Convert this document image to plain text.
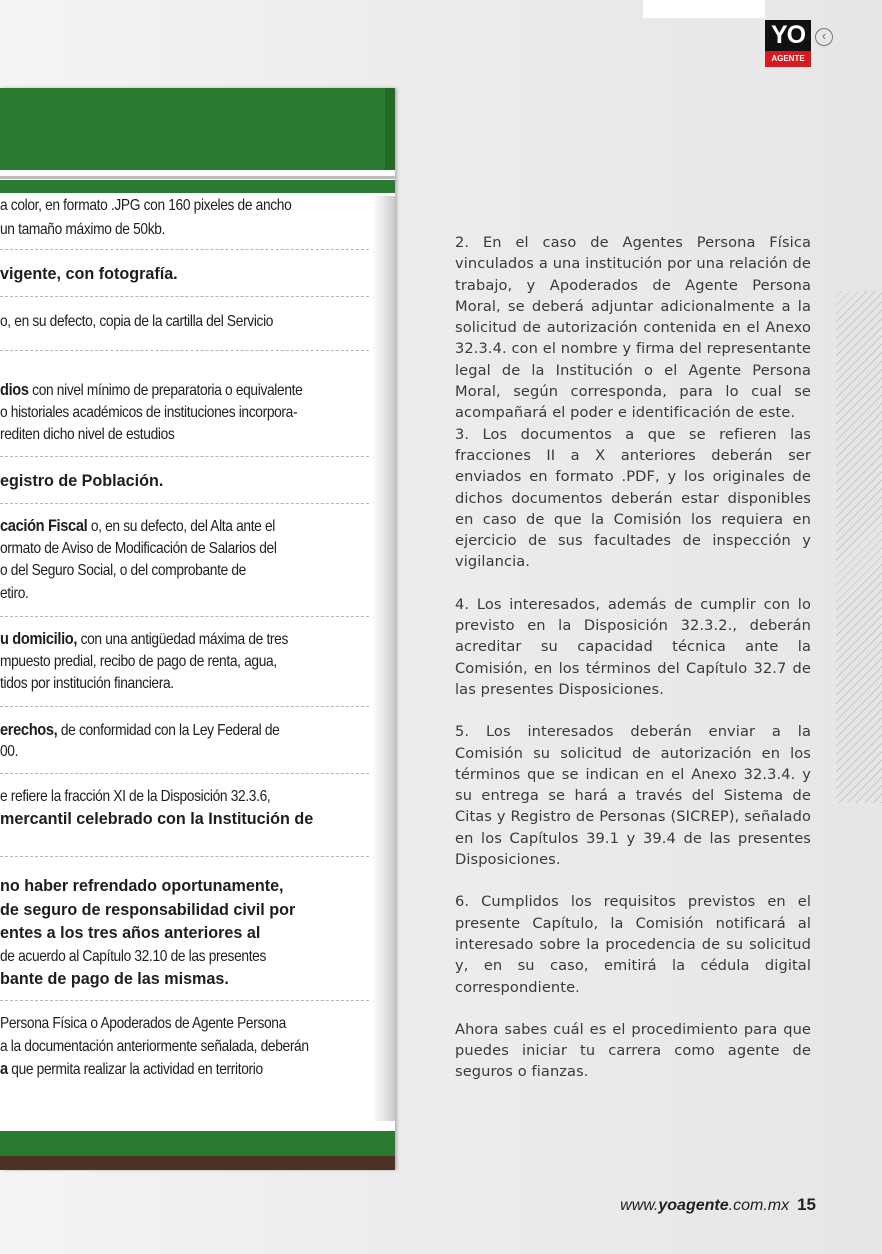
YO
AGENTE
‹
a color, en formato .JPG con 160 pixeles de ancho
un tamaño máximo de 50kb.
vigente, con fotografía.
o, en su defecto, copia de la cartilla del Servicio
dios con nivel mínimo de preparatoria o equivalente
o historiales académicos de instituciones incorpora-
rediten dicho nivel de estudios
egistro de Población.
cación Fiscal o, en su defecto, del Alta ante el
ormato de Aviso de Modificación de Salarios del
o del Seguro Social, o del comprobante de
etiro.
u domicilio, con una antigüedad máxima de tres
mpuesto predial, recibo de pago de renta, agua,
tidos por institución financiera.
erechos, de conformidad con la Ley Federal de
00.
e refiere la fracción XI de la Disposición 32.3.6,
mercantil celebrado con la Institución de
no haber refrendado oportunamente,
de seguro de responsabilidad civil por
entes a los tres años anteriores al
de acuerdo al Capítulo 32.10 de las presentes
bante de pago de las mismas.
Persona Física o Apoderados de Agente Persona
a la documentación anteriormente señalada, deberán
a que permita realizar la actividad en territorio

2. En el caso de Agentes Persona Física vinculados a una institución por una relación de trabajo, y Apoderados de Agente Persona Moral, se deberá adjuntar adicionalmente a la solicitud de autorización contenida en el Anexo 32.3.4. con el nombre y firma del representante legal de la Institución o el Agente Persona Moral, según corresponda, para lo cual se acompañará el poder e identificación de este.

3. Los documentos a que se refieren las fracciones II a X anteriores deberán ser enviados en formato .PDF, y los originales de dichos documentos deberán estar disponibles en caso de que la Comisión los requiera en ejercicio de sus facultades de inspección y vigilancia.

4. Los interesados, además de cumplir con lo previsto en la Disposición 32.3.2., deberán acreditar su capacidad técnica ante la Comisión, en los términos del Capítulo 32.7 de las presentes Disposiciones.

5. Los interesados deberán enviar a la Comisión su solicitud de autorización en los términos que se indican en el Anexo 32.3.4. y su entrega se hará a través del Sistema de Citas y Registro de Personas (SICREP), señalado en los Capítulos 39.1 y 39.4 de las presentes Disposiciones.

6. Cumplidos los requisitos previstos en el presente Capítulo, la Comisión notificará al interesado sobre la procedencia de su solicitud y, en su caso, emitirá la cédula digital correspondiente.

Ahora sabes cuál es el procedimiento para que puedes iniciar tu carrera como agente de seguros o fianzas.

www.yoagente.com.mx 15
